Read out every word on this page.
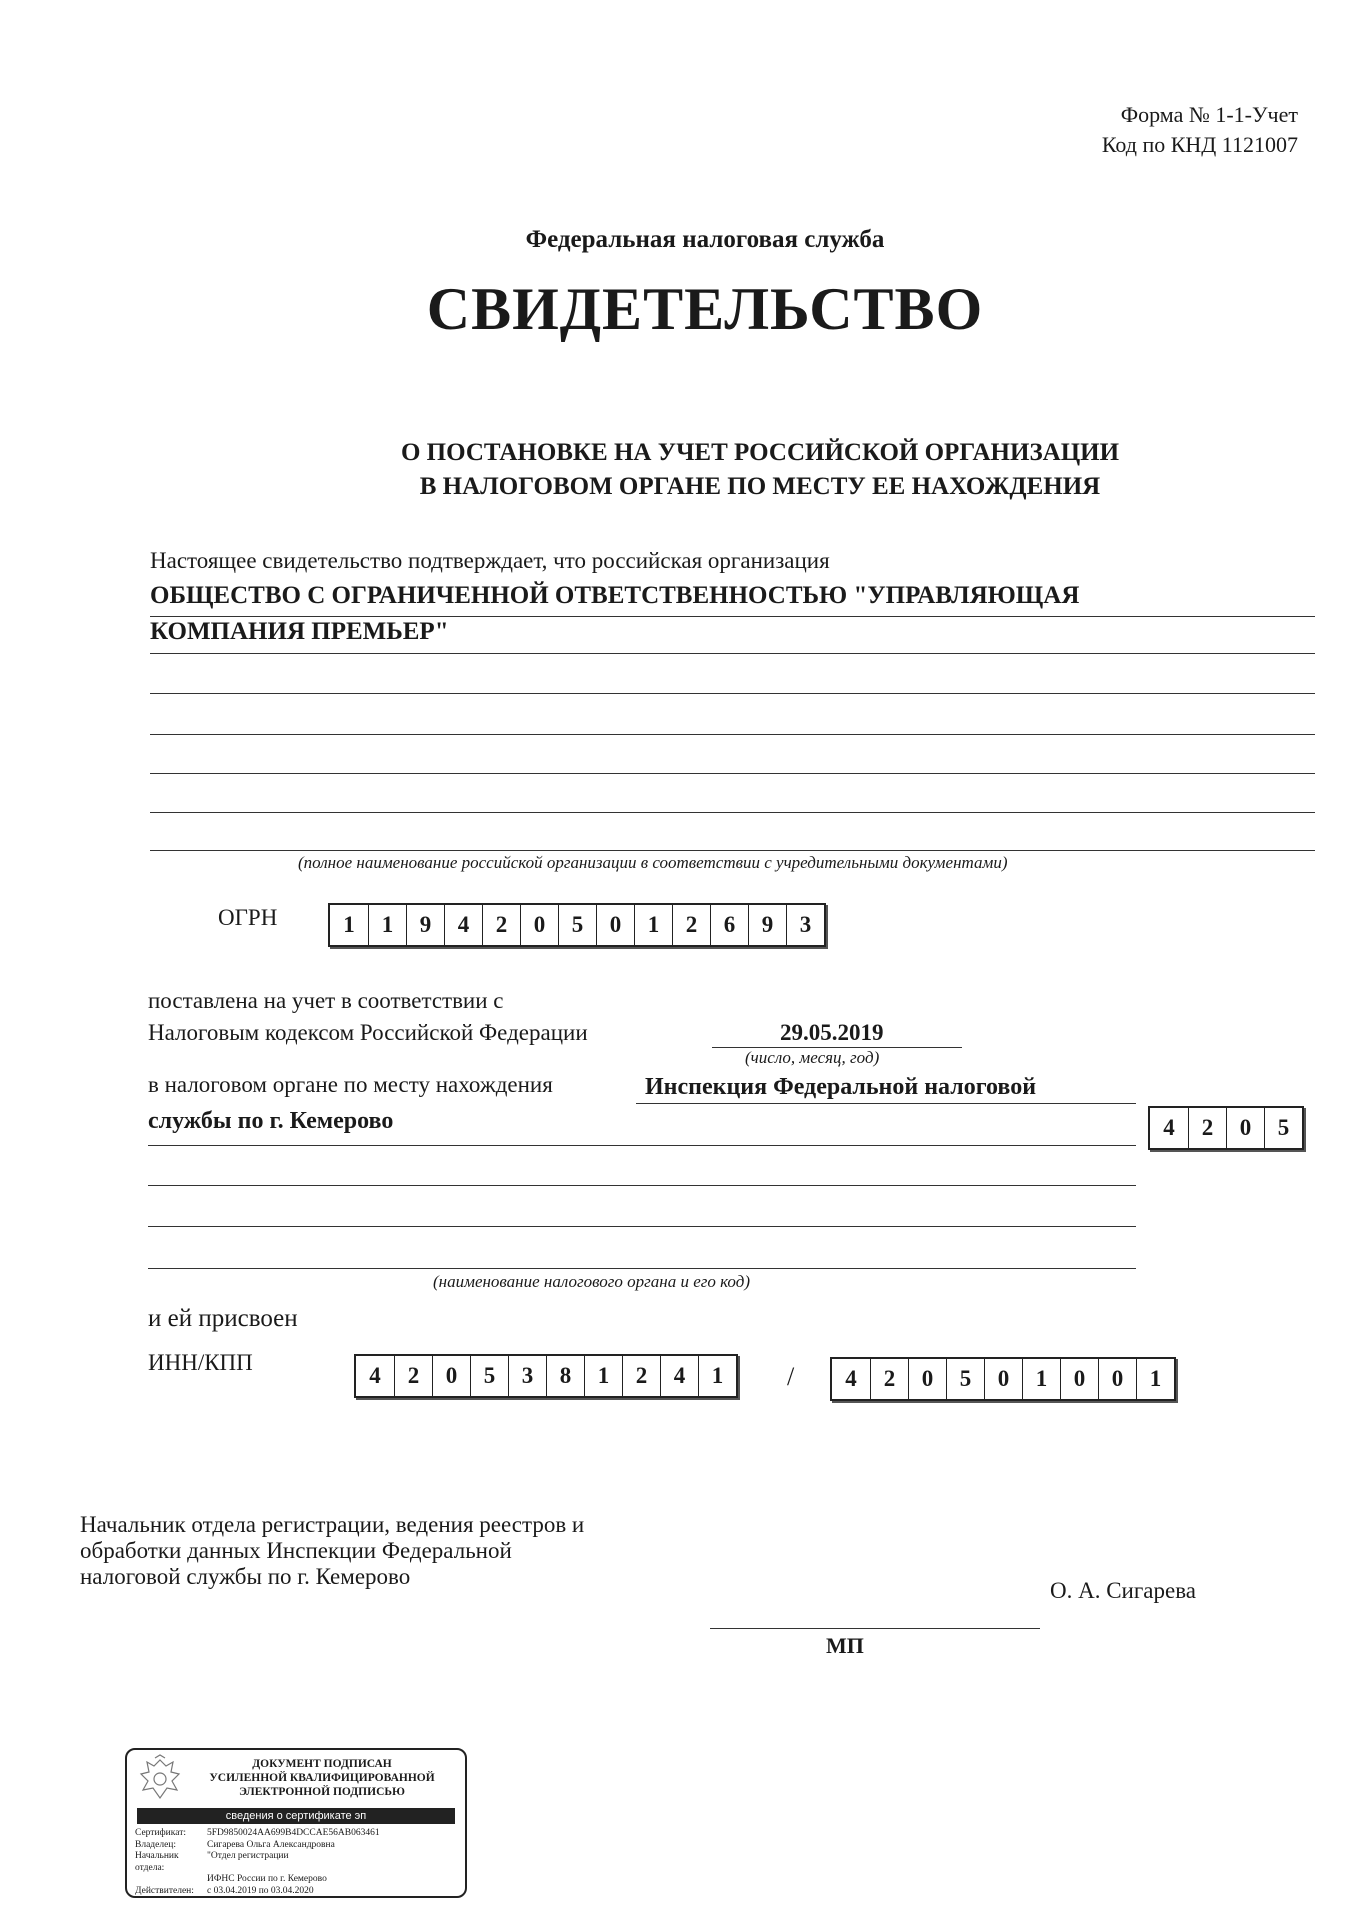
Форма № 1-1-Учет
Код по КНД 1121007
Федеральная налоговая служба
СВИДЕТЕЛЬСТВО
О ПОСТАНОВКЕ НА УЧЕТ РОССИЙСКОЙ ОРГАНИЗАЦИИ
В НАЛОГОВОМ ОРГАНЕ ПО МЕСТУ ЕЕ НАХОЖДЕНИЯ
Настоящее свидетельство подтверждает, что российская организация
ОБЩЕСТВО С ОГРАНИЧЕННОЙ ОТВЕТСТВЕННОСТЬЮ "УПРАВЛЯЮЩАЯ
КОМПАНИЯ ПРЕМЬЕР"
(полное наименование российской организации в соответствии с учредительными документами)
ОГРН	1	1	9	4	2	0	5	0	1	2	6	9	3
поставлена на учет в соответствии с
Налоговым кодексом Российской Федерации	29.05.2019
(число, месяц, год)
в налоговом органе по месту нахождения	Инспекция Федеральной налоговой
службы по г. Кемерово	4	2	0	5
(наименование налогового органа и его код)
и ей присвоен
ИНН/КПП
4	2	0	5	3	8	1	2	4	1	/	4	2	0	5	0	1	0	0	1
Начальник отдела регистрации, ведения реестров и
обработки данных Инспекции Федеральной
налоговой службы по г. Кемерово
О. А. Сигарева
МП
ДОКУМЕНТ ПОДПИСАН
УСИЛЕННОЙ КВАЛИФИЦИРОВАННОЙ
ЭЛЕКТРОННОЙ ПОДПИСЬЮ
сведения о сертификате эп
Сертификат:	5FD9850024AA699B4DCCAE56AB063461
Владелец:	Сигарева Ольга Александровна
Начальник отдела:
"Отдел регистрации
ИФНС России по г. Кемерово
Действителен:	с 03.04.2019 по 03.04.2020
